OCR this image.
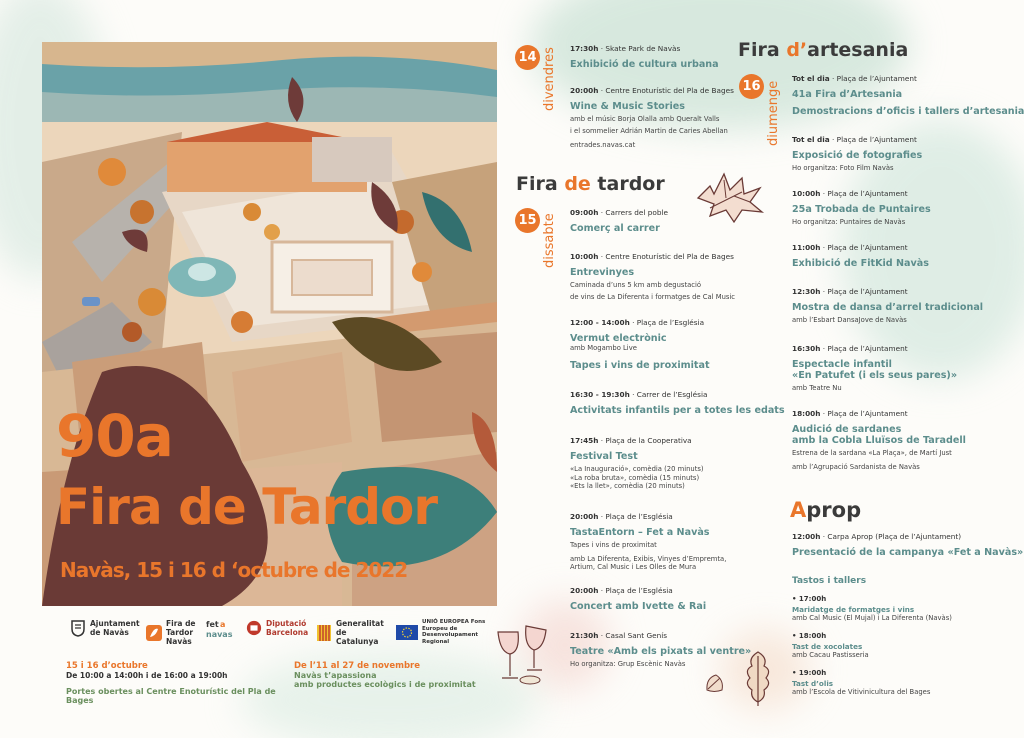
90a
Fira de Tardor
Navàs, 15 i 16 d ‘octubre de 2022
Ajuntament de Navàs
Fira de Tardor Navàs
fet a
navas
Diputació Barcelona
Generalitat de Catalunya
UNIÓ EUROPEA Fons Europeu de Desenvolupament Regional
15 i 16 d’octubre
De 10:00 a 14:00h i de 16:00 a 19:00h
Portes obertes al Centre Enoturístic del Pla de Bages
De l’11 al 27 de novembre
Navàs t’apassiona
amb productes ecològics i de proximitat
14 divendres 17:30h · Skate Park de Navàs
Exhibició de cultura urbana
20:00h · Centre Enoturístic del Pla de Bages
Wine & Music Stories
amb el músic Borja Olalla amb Queralt Valls
i el sommelier Adrián Martin de Caries Abellan
entrades.navas.cat
Fira de tardor
15 dissabte
09:00h · Carrers del poble
Comerç al carrer
10:00h · Centre Enoturístic del Pla de Bages
Entrevinyes
Caminada d’uns 5 km amb degustació
de vins de La Diferenta i formatges de Cal Music
12:00 - 14:00h · Plaça de l’Església
Vermut electrònic
amb Mogambo Live
Tapes i vins de proximitat
16:30 - 19:30h · Carrer de l’Església
Activitats infantils per a totes les edats
17:45h · Plaça de la Cooperativa
Festival Test
«La Inauguració», comèdia (20 minuts)
«La roba bruta», comèdia (15 minuts)
«Ets la llet», comèdia (20 minuts)
20:00h · Plaça de l’Església
TastaEntorn – Fet a Navàs
Tapes i vins de proximitat
amb La Diferenta, Exibis, Vinyes d’Empremta,
Artium, Cal Music i Les Olles de Mura
20:00h · Plaça de l’Església
Concert amb Ivette & Rai
21:30h · Casal Sant Genís
Teatre «Amb els pixats al ventre»
Ho organitza: Grup Escènic Navàs
Fira d’artesania
16 diumenge
Tot el dia · Plaça de l’Ajuntament
41a Fira d’Artesania
Demostracions d’oficis i tallers d’artesania
Tot el dia · Plaça de l’Ajuntament
Exposició de fotografies
Ho organitza: Foto Film Navàs
10:00h · Plaça de l’Ajuntament
25a Trobada de Puntaires
Ho organitza: Puntaires de Navàs
11:00h · Plaça de l’Ajuntament
Exhibició de FitKid Navàs
12:30h · Plaça de l’Ajuntament
Mostra de dansa d’arrel tradicional
amb l’Esbart DansaJove de Navàs
16:30h · Plaça de l’Ajuntament
Espectacle infantil
«En Patufet (i els seus pares)»
amb Teatre Nu
18:00h · Plaça de l’Ajuntament
Audició de sardanes
amb la Cobla Lluïsos de Taradell
Estrena de la sardana «La Plaça», de Martí Just
amb l’Agrupació Sardanista de Navàs
Aprop
12:00h · Carpa Aprop (Plaça de l’Ajuntament)
Presentació de la campanya «Fet a Navàs»
Tastos i tallers
• 17:00h
Maridatge de formatges i vins
amb Cal Music (El Mujal) i La Diferenta (Navàs)
• 18:00h
Tast de xocolates
amb Cacau Pastisseria
• 19:00h
Tast d’olis
amb l’Escola de Vitivinicultura del Bages
